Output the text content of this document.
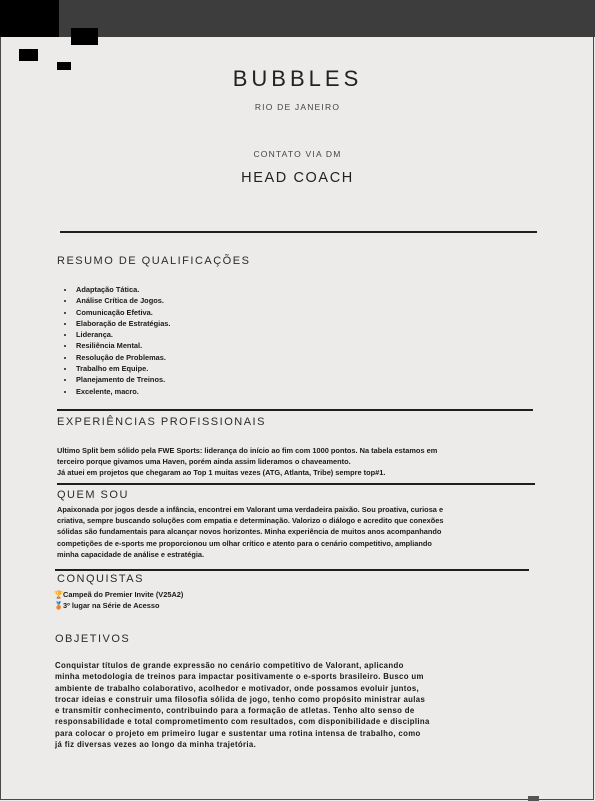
BUBBLES
RIO DE JANEIRO
CONTATO VIA DM
HEAD COACH
RESUMO DE QUALIFICAÇÕES
• Adaptação Tática.
• Análise Crítica de Jogos.
• Comunicação Efetiva.
• Elaboração de Estratégias.
• Liderança.
• Resiliência Mental.
• Resolução de Problemas.
• Trabalho em Equipe.
• Planejamento de Treinos.
• Excelente, macro.
EXPERIÊNCIAS PROFISSIONAIS
Ultimo Split bem sólido pela FWE Sports: liderança do início ao fim com 1000 pontos. Na tabela estamos em
terceiro porque givamos uma Haven, porém ainda assim lideramos o chaveamento.
Já atuei em projetos que chegaram ao Top 1 muitas vezes (ATG, Atlanta, Tribe) sempre top#1.
QUEM SOU
Apaixonada por jogos desde a infância, encontrei em Valorant uma verdadeira paixão. Sou proativa, curiosa e
criativa, sempre buscando soluções com empatia e determinação. Valorizo o diálogo e acredito que conexões
sólidas são fundamentais para alcançar novos horizontes. Minha experiência de muitos anos acompanhando
competições de e-sports me proporcionou um olhar crítico e atento para o cenário competitivo, ampliando
minha capacidade de análise e estratégia.
CONQUISTAS
🏆Campeã do Premier Invite (V25A2)
🥉3º lugar na Série de Acesso
OBJETIVOS
Conquistar títulos de grande expressão no cenário competitivo de Valorant, aplicando
minha metodologia de treinos para impactar positivamente o e-sports brasileiro. Busco um
ambiente de trabalho colaborativo, acolhedor e motivador, onde possamos evoluir juntos,
trocar ideias e construir uma filosofia sólida de jogo, tenho como propósito ministrar aulas
e transmitir conhecimento, contribuindo para a formação de atletas. Tenho alto senso de
responsabilidade e total comprometimento com resultados, com disponibilidade e disciplina
para colocar o projeto em primeiro lugar e sustentar uma rotina intensa de trabalho, como
já fiz diversas vezes ao longo da minha trajetória.
